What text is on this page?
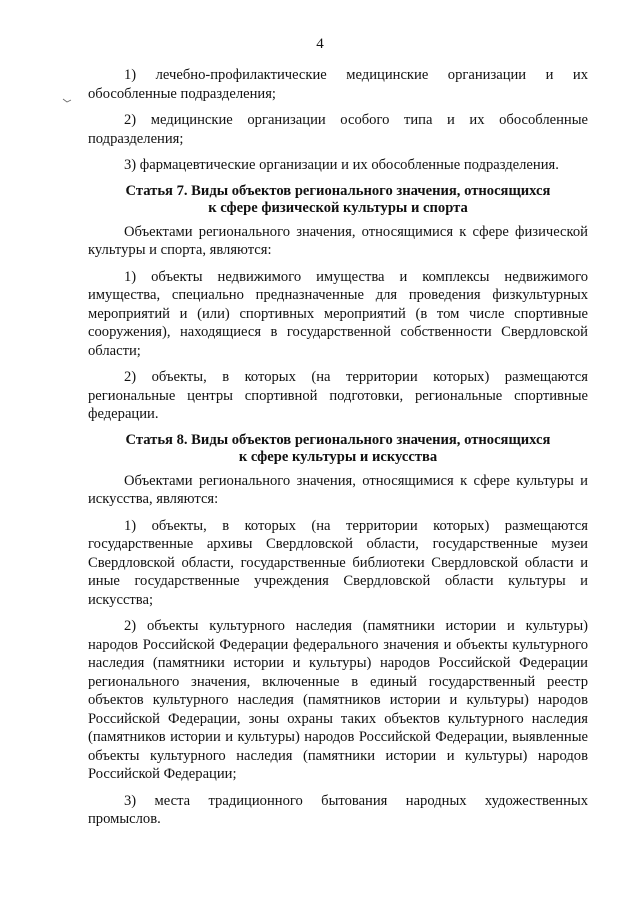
4

1) лечебно-профилактические медицинские организации и их обособленные подразделения;

2) медицинские организации особого типа и их обособленные подразделения;

3) фармацевтические организации и их обособленные подразделения.

Статья 7. Виды объектов регионального значения, относящихся
к сфере физической культуры и спорта

Объектами регионального значения, относящимися к сфере физической культуры и спорта, являются:

1) объекты недвижимого имущества и комплексы недвижимого имущества, специально предназначенные для проведения физкультурных мероприятий и (или) спортивных мероприятий (в том числе спортивные сооружения), находящиеся в государственной собственности Свердловской области;

2) объекты, в которых (на территории которых) размещаются региональные центры спортивной подготовки, региональные спортивные федерации.

Статья 8. Виды объектов регионального значения, относящихся
к сфере культуры и искусства

Объектами регионального значения, относящимися к сфере культуры и искусства, являются:

1) объекты, в которых (на территории которых) размещаются государственные архивы Свердловской области, государственные музеи Свердловской области, государственные библиотеки Свердловской области и иные государственные учреждения Свердловской области культуры и искусства;

2) объекты культурного наследия (памятники истории и культуры) народов Российской Федерации федерального значения и объекты культурного наследия (памятники истории и культуры) народов Российской Федерации регионального значения, включенные в единый государственный реестр объектов культурного наследия (памятников истории и культуры) народов Российской Федерации, зоны охраны таких объектов культурного наследия (памятников истории и культуры) народов Российской Федерации, выявленные объекты культурного наследия (памятники истории и культуры) народов Российской Федерации;

3) места традиционного бытования народных художественных промыслов.
